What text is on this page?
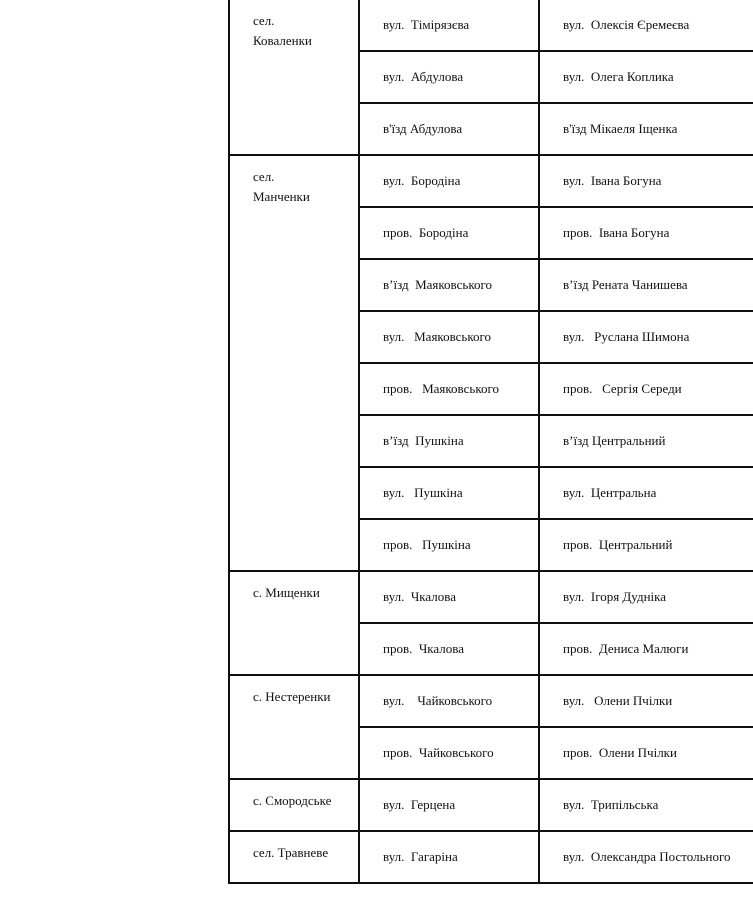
сел.
Коваленки	вул.  Тімірязєва	вул.  Олексія Єремеєва
	вул.  Абдулова	вул.  Олега Коплика
	в'їзд Абдулова	в'їзд Мікаеля Іщенка
сел.
Манченки	вул.  Бородіна	вул.  Івана Богуна
	пров.  Бородіна	пров.  Івана Богуна
	в’їзд  Маяковського	в’їзд Рената Чанишева
	вул.   Маяковського	вул.   Руслана Шимона
	пров.   Маяковського	пров.   Сергія Середи
	в’їзд  Пушкіна	в’їзд Центральний
	вул.   Пушкіна	вул.  Центральна
	пров.   Пушкіна	пров.  Центральний
с. Мищенки	вул.  Чкалова	вул.  Ігоря Дудніка
	пров.  Чкалова	пров.  Дениса Малюги
с. Нестеренки	вул.    Чайковського	вул.   Олени Пчілки
	пров.  Чайковського	пров.  Олени Пчілки
с. Смородське	вул.  Герцена	вул.  Трипільська
сел. Травневе	вул.  Гагаріна	вул.  Олександра Постольного
